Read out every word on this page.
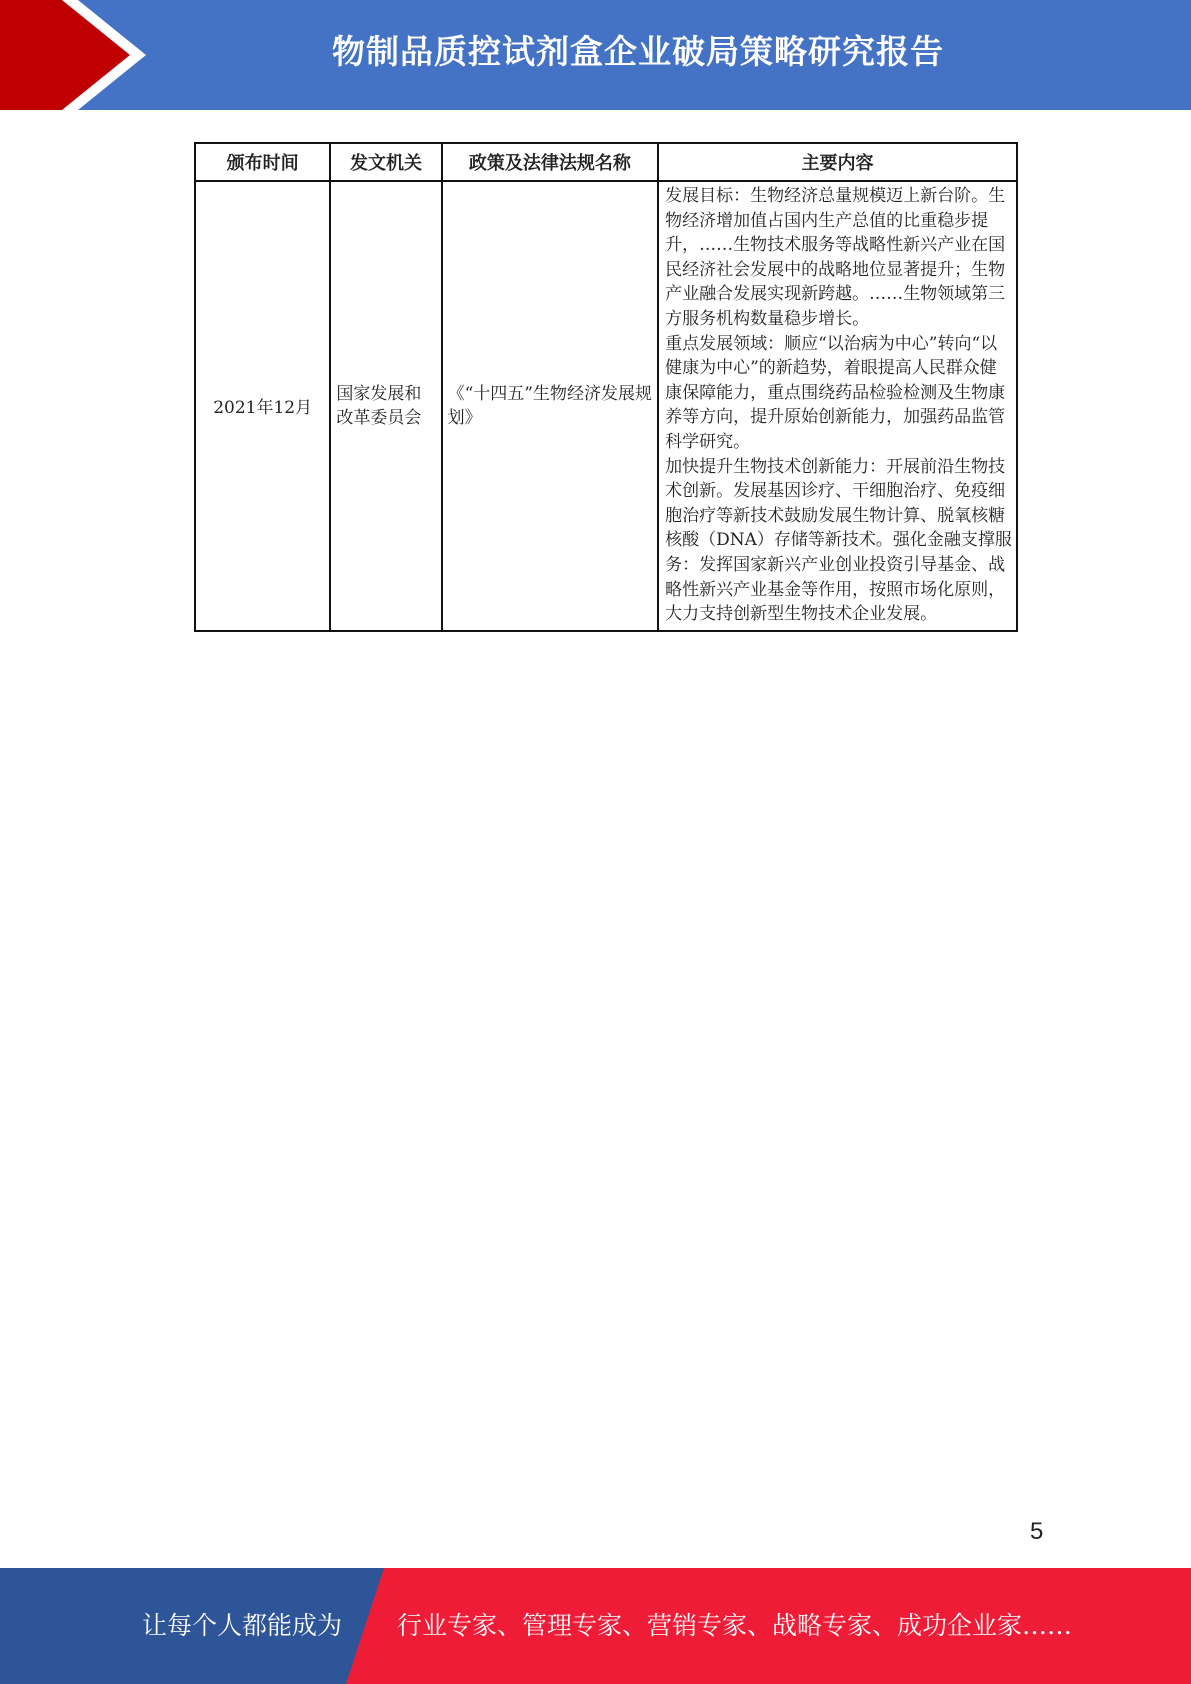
物制品质控试剂盒企业破局策略研究报告
颁布时间	发文机关	政策及法律法规名称	主要内容
2021年12月	国家发展和改革委员会	《“十四五”生物经济发展规划》	发展目标：生物经济总量规模迈上新台阶。生物经济增加值占国内生产总值的比重稳步提升，……生物技术服务等战略性新兴产业在国民经济社会发展中的战略地位显著提升；生物产业融合发展实现新跨越。……生物领域第三方服务机构数量稳步增长。
重点发展领域：顺应“以治病为中心”转向“以健康为中心”的新趋势，着眼提高人民群众健康保障能力，重点围绕药品检验检测及生物康养等方向，提升原始创新能力，加强药品监管科学研究。
加快提升生物技术创新能力：开展前沿生物技术创新。发展基因诊疗、干细胞治疗、免疫细胞治疗等新技术鼓励发展生物计算、脱氧核糖核酸（DNA）存储等新技术。强化金融支撑服务：发挥国家新兴产业创业投资引导基金、战略性新兴产业基金等作用，按照市场化原则，大力支持创新型生物技术企业发展。
5
让每个人都能成为 行业专家、管理专家、营销专家、战略专家、成功企业家……
